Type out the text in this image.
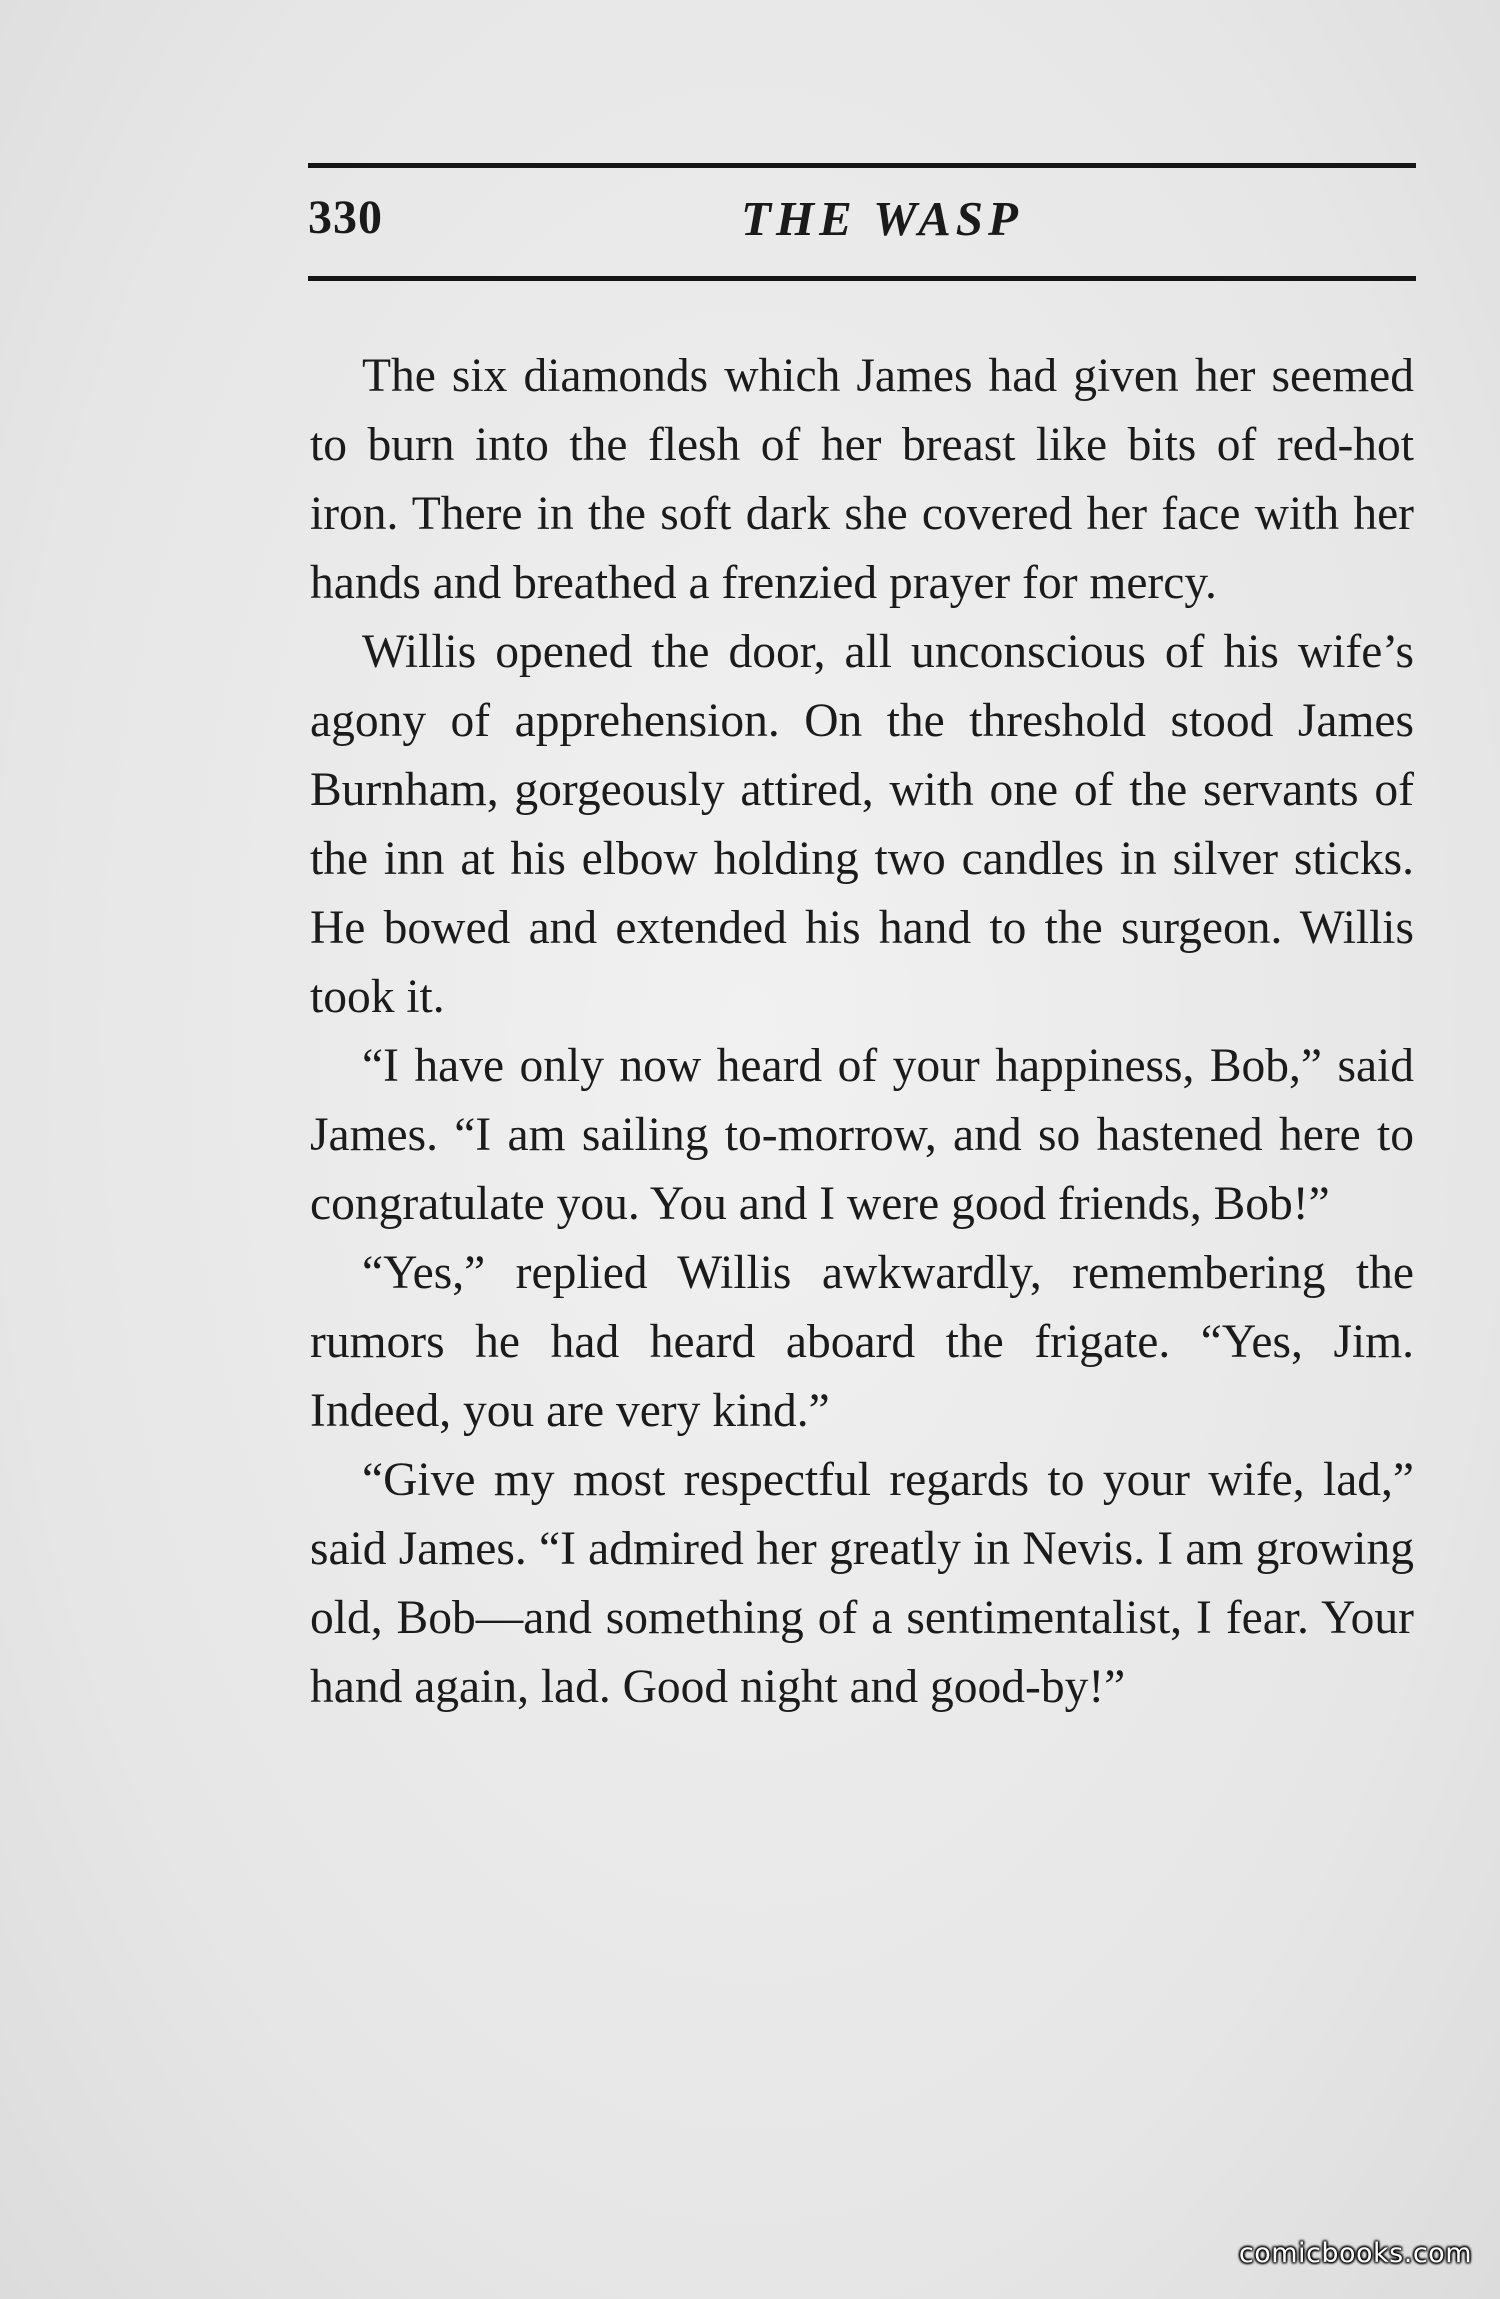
330	THE WASP

The six diamonds which James had given her seemed to burn into the flesh of her breast like bits of red-hot iron. There in the soft dark she covered her face with her hands and breathed a frenzied prayer for mercy.

Willis opened the door, all unconscious of his wife’s agony of apprehension. On the threshold stood James Burnham, gorgeously attired, with one of the servants of the inn at his elbow holding two candles in silver sticks. He bowed and extended his hand to the surgeon. Willis took it.

“I have only now heard of your happiness, Bob,” said James. “I am sailing to-morrow, and so hastened here to congratulate you. You and I were good friends, Bob!”

“Yes,” replied Willis awkwardly, remembering the rumors he had heard aboard the frigate. “Yes, Jim. Indeed, you are very kind.”

“Give my most respectful regards to your wife, lad,” said James. “I admired her greatly in Nevis. I am growing old, Bob—and something of a sentimentalist, I fear. Your hand again, lad. Good night and good-by!”

comicbooks.com
